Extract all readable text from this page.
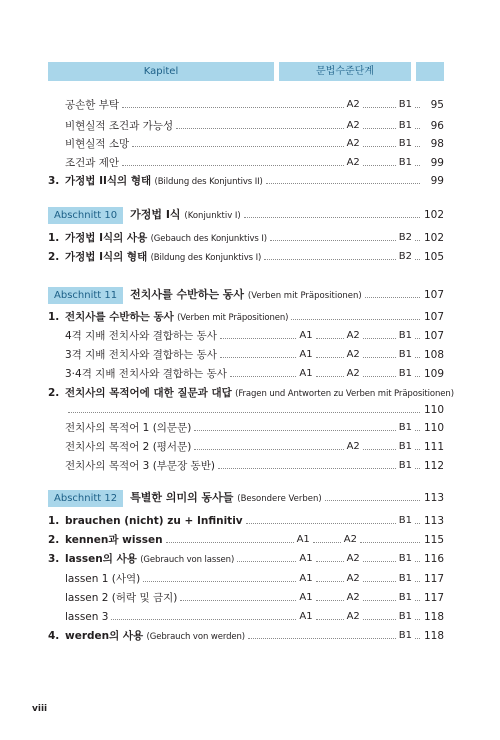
Kapitel	문법수준단계
공손한 부탁	A2	B1	95
비현실적 조건과 가능성	A2	B1	96
비현실적 소망	A2	B1	98
조건과 제안	A2	B1	99
3. 가정법 II식의 형태 (Bildung des Konjuntivs II)	99
Abschnitt 10	가정법 I식 (Konjunktiv I)	102
1. 가정법 I식의 사용 (Gebauch des Konjunktivs I)	B2 102
2. 가정법 I식의 형태 (Bildung des Konjunktivs I)	B2 105
Abschnitt 11	전치사를 수반하는 동사 (Verben mit Präpositionen)	107
1. 전치사를 수반하는 동사 (Verben mit Präpositionen)	107
4격 지배 전치사와 결합하는 동사	A1	A2	B1 107
3격 지배 전치사와 결합하는 동사	A1	A2	B1 108
3·4격 지배 전치사와 결합하는 동사	A1	A2	B1 109
2. 전치사의 목적어에 대한 질문과 대답 (Fragen und Antworten zu Verben mit Präpositionen)
110
전치사의 목적어 1 (의문문)	B1 110
전치사의 목적어 2 (평서문)	A2	B1 111
전치사의 목적어 3 (부문장 동반)	B1 112
Abschnitt 12	특별한 의미의 동사들 (Besondere Verben)	113
1. brauchen (nicht) zu + Infinitiv	B1 113
2. kennen과 wissen	A1	A2	115
3. lassen의 사용 (Gebrauch von lassen)	A1	A2	B1 116
lassen 1 (사역)	A1	A2	B1 117
lassen 2 (허락 및 금지)	A1	A2	B1 117
lassen 3	A1	A2	B1 118
4. werden의 사용 (Gebrauch von werden)	B1 118
viii
